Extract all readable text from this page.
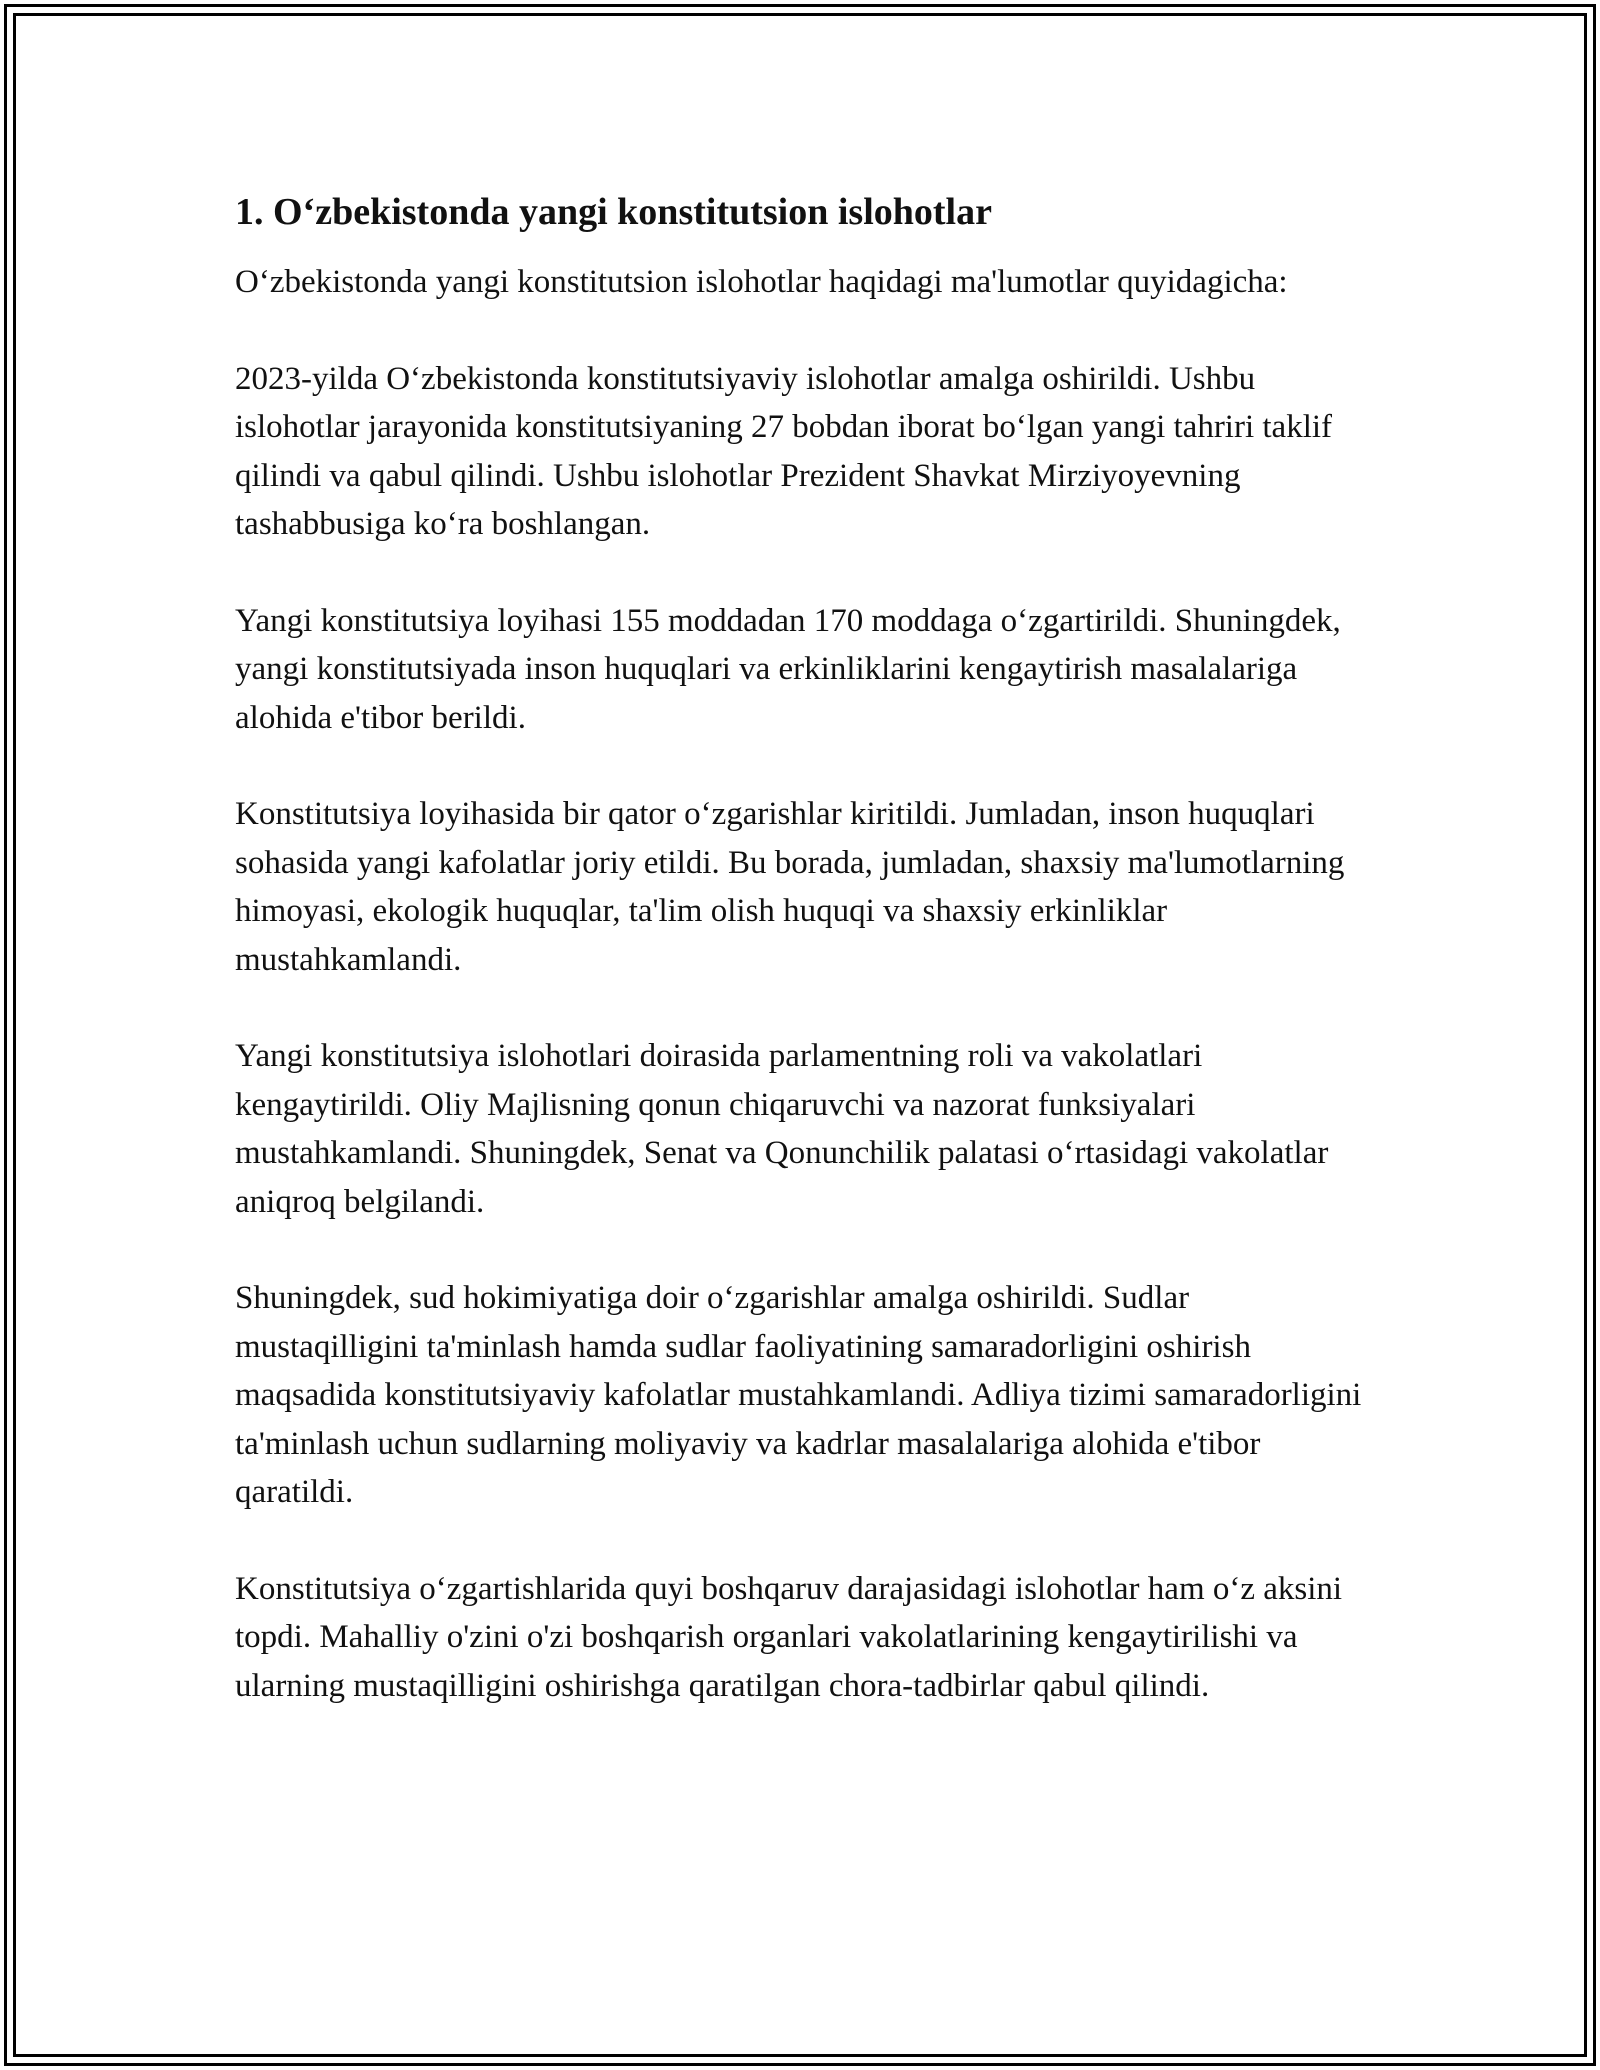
1. O‘zbekistonda yangi konstitutsion islohotlar

O‘zbekistonda yangi konstitutsion islohotlar haqidagi ma'lumotlar quyidagicha:

2023-yilda O‘zbekistonda konstitutsiyaviy islohotlar amalga oshirildi. Ushbu islohotlar jarayonida konstitutsiyaning 27 bobdan iborat bo‘lgan yangi tahriri taklif qilindi va qabul qilindi. Ushbu islohotlar Prezident Shavkat Mirziyoyevning tashabbusiga ko‘ra boshlangan.

Yangi konstitutsiya loyihasi 155 moddadan 170 moddaga o‘zgartirildi. Shuningdek, yangi konstitutsiyada inson huquqlari va erkinliklarini kengaytirish masalalariga alohida e'tibor berildi.

Konstitutsiya loyihasida bir qator o‘zgarishlar kiritildi. Jumladan, inson huquqlari sohasida yangi kafolatlar joriy etildi. Bu borada, jumladan, shaxsiy ma'lumotlarning himoyasi, ekologik huquqlar, ta'lim olish huquqi va shaxsiy erkinliklar mustahkamlandi.

Yangi konstitutsiya islohotlari doirasida parlamentning roli va vakolatlari kengaytirildi. Oliy Majlisning qonun chiqaruvchi va nazorat funksiyalari mustahkamlandi. Shuningdek, Senat va Qonunchilik palatasi o‘rtasidagi vakolatlar aniqroq belgilandi.

Shuningdek, sud hokimiyatiga doir o‘zgarishlar amalga oshirildi. Sudlar mustaqilligini ta'minlash hamda sudlar faoliyatining samaradorligini oshirish maqsadida konstitutsiyaviy kafolatlar mustahkamlandi. Adliya tizimi samaradorligini ta'minlash uchun sudlarning moliyaviy va kadrlar masalalariga alohida e'tibor qaratildi.

Konstitutsiya o‘zgartishlarida quyi boshqaruv darajasidagi islohotlar ham o‘z aksini topdi. Mahalliy o'zini o'zi boshqarish organlari vakolatlarining kengaytirilishi va ularning mustaqilligini oshirishga qaratilgan chora-tadbirlar qabul qilindi.
